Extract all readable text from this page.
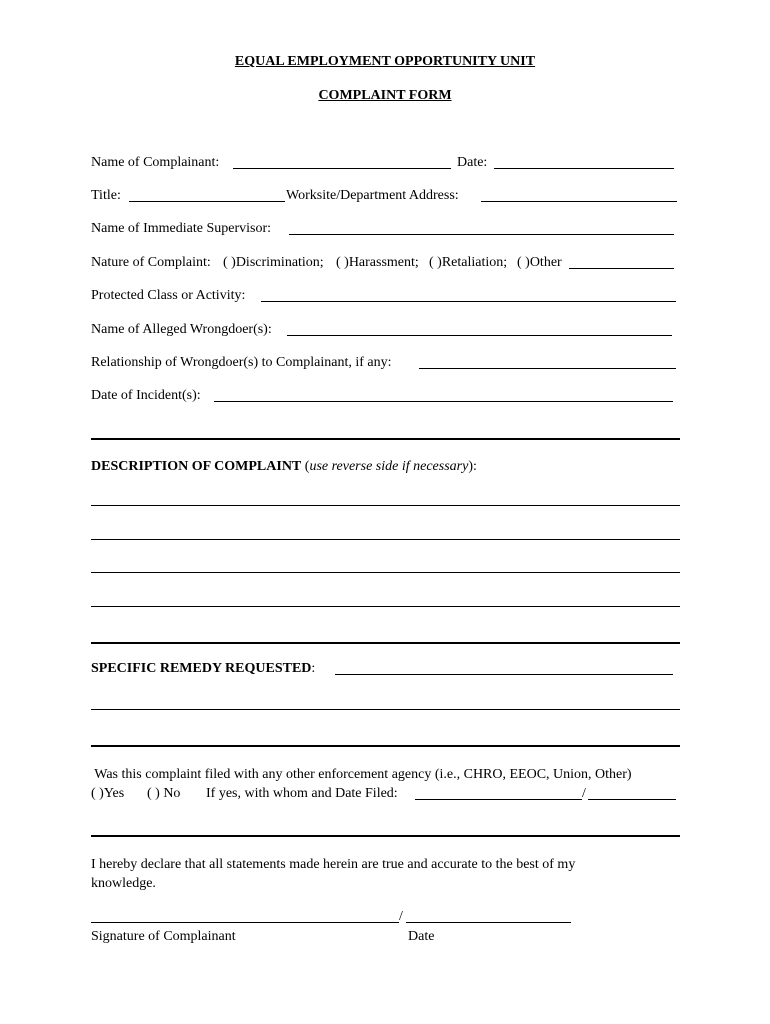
EQUAL EMPLOYMENT OPPORTUNITY UNIT
COMPLAINT FORM
Name of Complainant:	Date:
Title:	Worksite/Department Address:
Name of Immediate Supervisor:
Nature of Complaint: ( )Discrimination; ( )Harassment; ( )Retaliation; ( )Other
Protected Class or Activity:
Name of Alleged Wrongdoer(s):
Relationship of Wrongdoer(s) to Complainant, if any:
Date of Incident(s):
DESCRIPTION OF COMPLAINT (use reverse side if necessary):
SPECIFIC REMEDY REQUESTED:
Was this complaint filed with any other enforcement agency (i.e., CHRO, EEOC, Union, Other)
( )Yes ( ) No If yes, with whom and Date Filed:	/
I hereby declare that all statements made herein are true and accurate to the best of my
knowledge.
/
Signature of Complainant	Date
